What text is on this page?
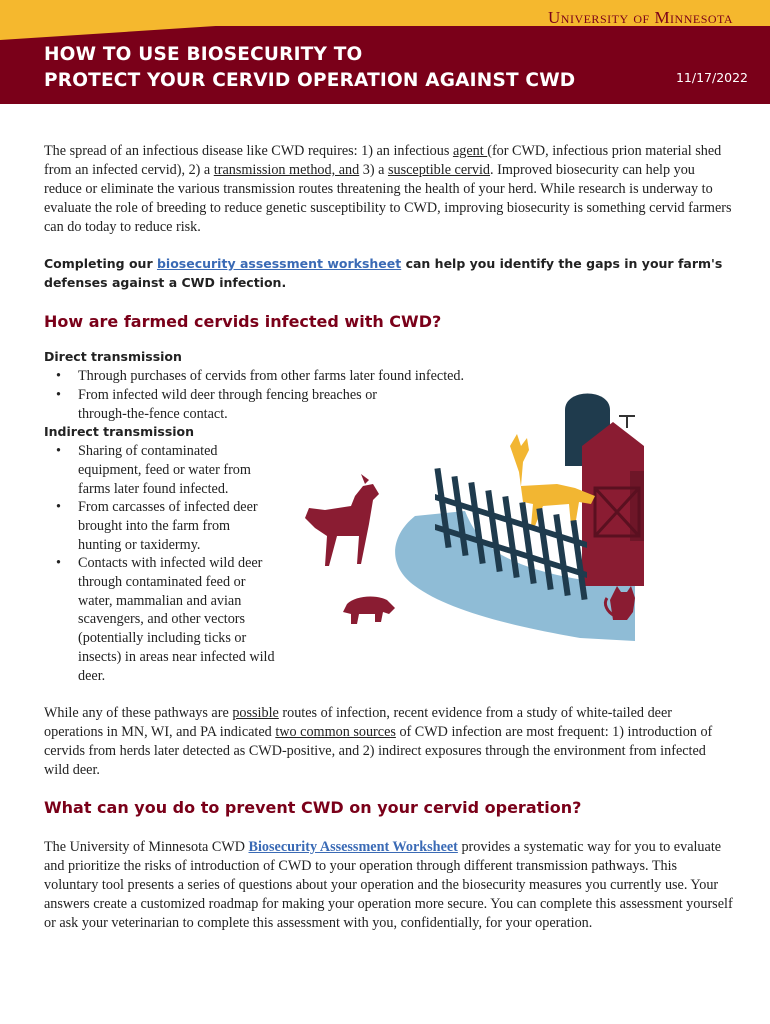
University of Minnesota
HOW TO USE BIOSECURITY TO
PROTECT YOUR CERVID OPERATION AGAINST CWD	11/17/2022

The spread of an infectious disease like CWD requires: 1) an infectious agent (for CWD, infectious prion material shed from an infected cervid), 2) a transmission method, and 3) a susceptible cervid. Improved biosecurity can help you reduce or eliminate the various transmission routes threatening the health of your herd. While research is underway to evaluate the role of breeding to reduce genetic susceptibility to CWD, improving biosecurity is something cervid farmers can do today to reduce risk.

Completing our biosecurity assessment worksheet can help you identify the gaps in your farm's defenses against a CWD infection.

How are farmed cervids infected with CWD?
Direct transmission
• Through purchases of cervids from other farms later found infected.
• From infected wild deer through fencing breaches or through-the-fence contact.
Indirect transmission
• Sharing of contaminated equipment, feed or water from farms later found infected.
• From carcasses of infected deer brought into the farm from hunting or taxidermy.
• Contacts with infected wild deer through contaminated feed or water, mammalian and avian scavengers, and other vectors (potentially including ticks or insects) in areas near infected wild deer.

While any of these pathways are possible routes of infection, recent evidence from a study of white-tailed deer operations in MN, WI, and PA indicated two common sources of CWD infection are most frequent: 1) introduction of cervids from herds later detected as CWD-positive, and 2) indirect exposures through the environment from infected wild deer.

What can you do to prevent CWD on your cervid operation?

The University of Minnesota CWD Biosecurity Assessment Worksheet provides a systematic way for you to evaluate and prioritize the risks of introduction of CWD to your operation through different transmission pathways. This voluntary tool presents a series of questions about your operation and the biosecurity measures you currently use. Your answers create a customized roadmap for making your operation more secure. You can complete this assessment yourself or ask your veterinarian to complete this assessment with you, confidentially, for your operation.
